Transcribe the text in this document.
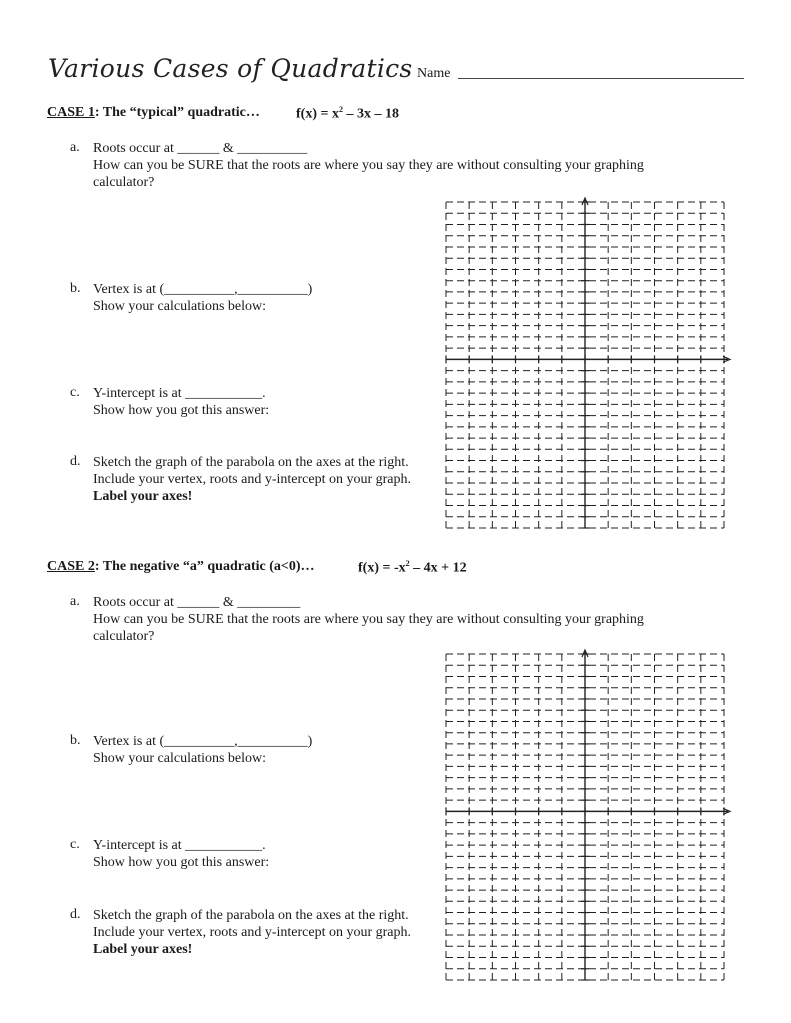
Various Cases of Quadratics Name
CASE 1: The “typical” quadratic…	$f(x) = x^2 - 3x - 18$
a. Roots occur at ______ & __________
How can you be SURE that the roots are where you say they are without consulting your graphing
calculator?
b. Vertex is at (__________,__________)
Show your calculations below:
c. Y-intercept is at ___________.
Show how you got this answer:
d. Sketch the graph of the parabola on the axes at the right.
Include your vertex, roots and y-intercept on your graph.
Label your axes!
CASE 2: The negative “a” quadratic (a<0)…	$f(x) = -x^2 - 4x + 12$
a. Roots occur at ______ & _________
How can you be SURE that the roots are where you say they are without consulting your graphing
calculator?
b. Vertex is at (__________,__________)
Show your calculations below:
c. Y-intercept is at ___________.
Show how you got this answer:
d. Sketch the graph of the parabola on the axes at the right.
Include your vertex, roots and y-intercept on your graph.
Label your axes!
